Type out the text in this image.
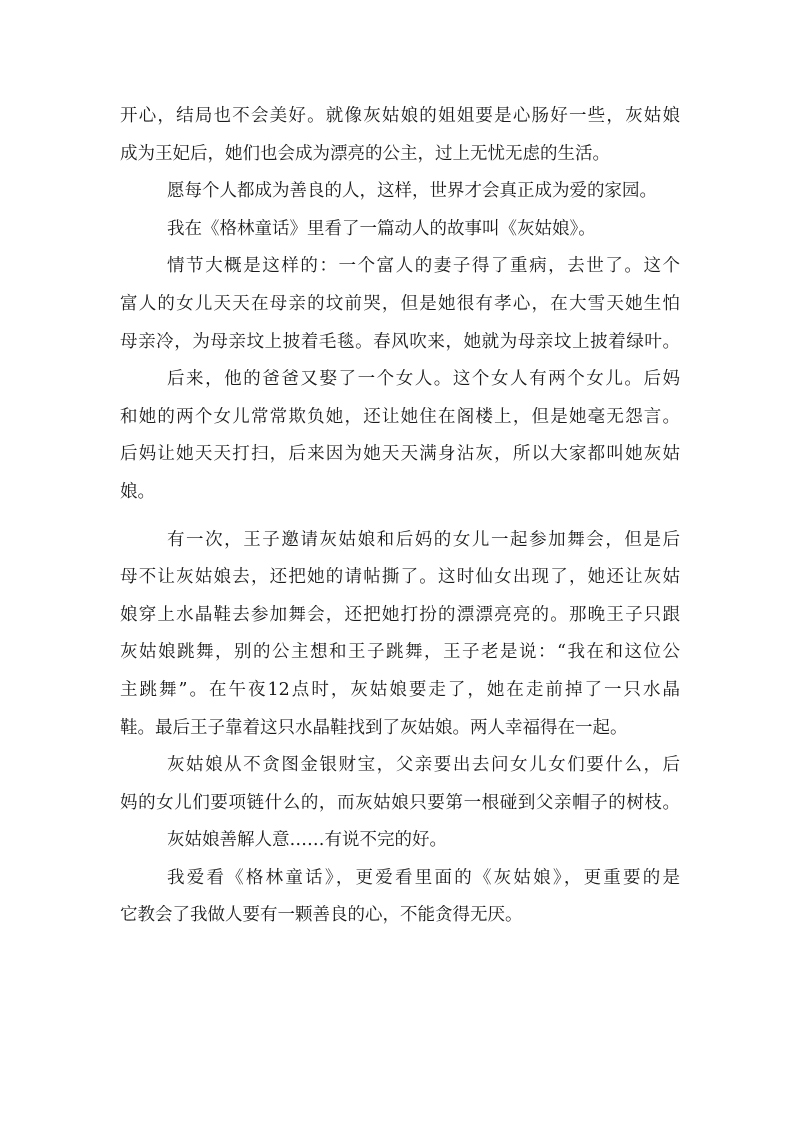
开心，结局也不会美好。就像灰姑娘的姐姐要是心肠好一些，灰姑娘
成为王妃后，她们也会成为漂亮的公主，过上无忧无虑的生活。
愿每个人都成为善良的人，这样，世界才会真正成为爱的家园。
我在《格林童话》里看了一篇动人的故事叫《灰姑娘》。
情节大概是这样的：一个富人的妻子得了重病，去世了。这个
富人的女儿天天在母亲的坟前哭，但是她很有孝心，在大雪天她生怕
母亲冷，为母亲坟上披着毛毯。春风吹来，她就为母亲坟上披着绿叶。
后来，他的爸爸又娶了一个女人。这个女人有两个女儿。后妈
和她的两个女儿常常欺负她，还让她住在阁楼上，但是她毫无怨言。
后妈让她天天打扫，后来因为她天天满身沾灰，所以大家都叫她灰姑
娘。
有一次，王子邀请灰姑娘和后妈的女儿一起参加舞会，但是后
母不让灰姑娘去，还把她的请帖撕了。这时仙女出现了，她还让灰姑
娘穿上水晶鞋去参加舞会，还把她打扮的漂漂亮亮的。那晚王子只跟
灰姑娘跳舞，别的公主想和王子跳舞，王子老是说：“我在和这位公
主跳舞”。在午夜12点时，灰姑娘要走了，她在走前掉了一只水晶
鞋。最后王子靠着这只水晶鞋找到了灰姑娘。两人幸福得在一起。
灰姑娘从不贪图金银财宝，父亲要出去问女儿女们要什么，后
妈的女儿们要项链什么的，而灰姑娘只要第一根碰到父亲帽子的树枝。
灰姑娘善解人意……有说不完的好。
我爱看《格林童话》，更爱看里面的《灰姑娘》，更重要的是
它教会了我做人要有一颗善良的心，不能贪得无厌。
